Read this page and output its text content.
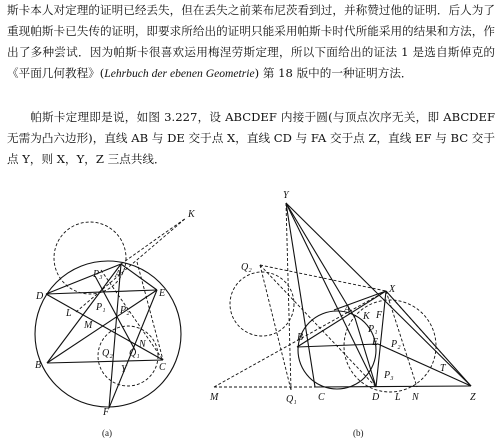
斯卡本人对定理的证明已经丢失，但在丢失之前莱布尼茨看到过，并称赞过他的证明．后人为了重现帕斯卡已失传的证明，即要求所给出的证明只能采用帕斯卡时代所能采用的结果和方法，作出了多种尝试．因为帕斯卡很喜欢运用梅涅劳斯定理，所以下面给出的证法 1 是选自斯倬克的《平面几何教程》(Lehrbuch der ebenen Geometrie) 第 18 版中的一种证明方法．

帕斯卡定理即是说，如图 3.227，设 ABCDEF 内接于圆(与顶点次序无关，即 ABCDEF 无需为凸六边形)，直线 AB 与 DE 交于点 X，直线 CD 与 FA 交于点 Z，直线 EF 与 BC 交于点 Y，则 X，Y，Z 三点共线．

K
P₃ A
D	E
L
P₁ P₂
M
B
Q₂ Q₁
N
C
Y
F
(a)
Y
Q₂
X
A
K F
P₁
E P₂
B
T
P₃
M	C
Q₁	D L N	Z
(b)
